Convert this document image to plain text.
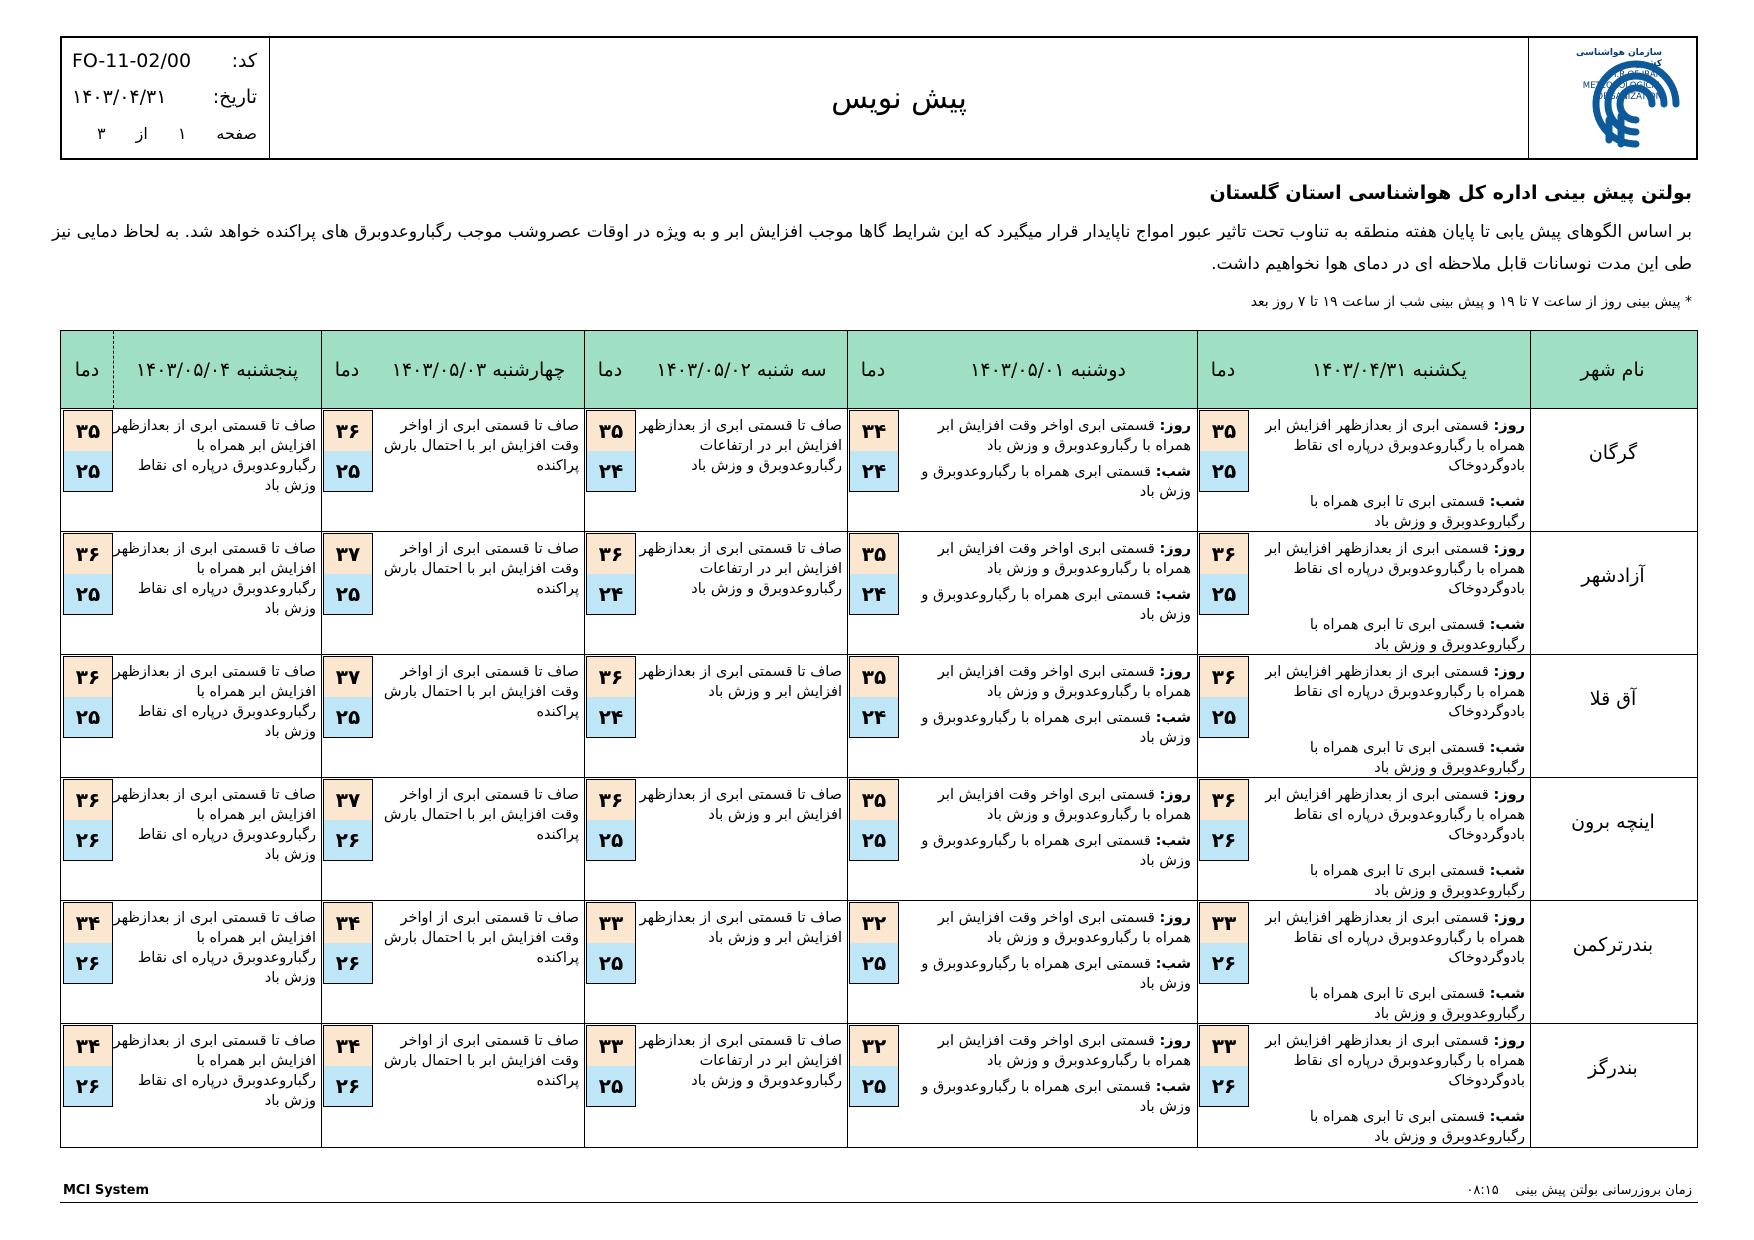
کد:
FO-11-02/00
تاریخ:
۱۴۰۳/۰۴/۳۱
صفحه
۱
از
۳
پیش نویس
سازمان هواشناسی کشور
I.R.OF IRAN
METEOROLOGICAL
ORGANIZATION
بولتن پیش بینی اداره کل هواشناسی استان گلستان
بر اساس الگوهای پیش یابی تا پایان هفته منطقه به تناوب تحت تاثیر عبور امواج ناپایدار قرار میگیرد که این شرایط گاها موجب افزایش ابر و به ویژه در اوقات عصروشب موجب رگباروعدوبرق های پراکنده خواهد شد. به لحاظ دمایی نیز طی این مدت نوسانات قابل ملاحظه ای در دمای هوا نخواهیم داشت.
* پیش بینی روز از ساعت ۷ تا ۱۹ و پیش بینی شب از ساعت ۱۹ تا ۷ روز بعد
نام شهر
یکشنبه ۱۴۰۳/۰۴/۳۱
دما
دوشنبه ۱۴۰۳/۰۵/۰۱
دما
سه شنبه ۱۴۰۳/۰۵/۰۲
دما
چهارشنبه ۱۴۰۳/۰۵/۰۳
دما
پنجشنبه ۱۴۰۳/۰۵/۰۴
دما
گرگان
روز: قسمتی ابری از بعدازظهر افزایش ابر همراه با رگباروعدوبرق درپاره ای نقاط بادوگردوخاک
شب: قسمتی ابری تا ابری همراه با رگباروعدوبرق و وزش باد
روز: قسمتی ابری اواخر وقت افزایش ابر همراه با رگباروعدوبرق و وزش باد
شب: قسمتی ابری همراه با رگباروعدوبرق و وزش باد
صاف تا قسمتی ابری از بعدازظهر افزایش ابر در ارتفاعات رگباروعدوبرق و وزش باد
صاف تا قسمتی ابری از اواخر وقت افزایش ابر با احتمال بارش پراکنده
صاف تا قسمتی ابری از بعدازظهر افزایش ابر همراه با رگباروعدوبرق درپاره ای نقاط وزش باد
۳۵
۲۵
۳۴
۲۴
۳۵
۲۴
۳۶
۲۵
۳۵
۲۵
آزادشهر
روز: قسمتی ابری از بعدازظهر افزایش ابر همراه با رگباروعدوبرق درپاره ای نقاط بادوگردوخاک
شب: قسمتی ابری تا ابری همراه با رگباروعدوبرق و وزش باد
روز: قسمتی ابری اواخر وقت افزایش ابر همراه با رگباروعدوبرق و وزش باد
شب: قسمتی ابری همراه با رگباروعدوبرق و وزش باد
صاف تا قسمتی ابری از بعدازظهر افزایش ابر در ارتفاعات رگباروعدوبرق و وزش باد
صاف تا قسمتی ابری از اواخر وقت افزایش ابر با احتمال بارش پراکنده
صاف تا قسمتی ابری از بعدازظهر افزایش ابر همراه با رگباروعدوبرق درپاره ای نقاط وزش باد
۳۶
۲۵
۳۵
۲۴
۳۶
۲۴
۳۷
۲۵
۳۶
۲۵
آق قلا
روز: قسمتی ابری از بعدازظهر افزایش ابر همراه با رگباروعدوبرق درپاره ای نقاط بادوگردوخاک
شب: قسمتی ابری تا ابری همراه با رگباروعدوبرق و وزش باد
روز: قسمتی ابری اواخر وقت افزایش ابر همراه با رگباروعدوبرق و وزش باد
شب: قسمتی ابری همراه با رگباروعدوبرق و وزش باد
صاف تا قسمتی ابری از بعدازظهر افزایش ابر و وزش باد
صاف تا قسمتی ابری از اواخر وقت افزایش ابر با احتمال بارش پراکنده
صاف تا قسمتی ابری از بعدازظهر افزایش ابر همراه با رگباروعدوبرق درپاره ای نقاط وزش باد
۳۶
۲۵
۳۵
۲۴
۳۶
۲۴
۳۷
۲۵
۳۶
۲۵
اینچه برون
روز: قسمتی ابری از بعدازظهر افزایش ابر همراه با رگباروعدوبرق درپاره ای نقاط بادوگردوخاک
شب: قسمتی ابری تا ابری همراه با رگباروعدوبرق و وزش باد
روز: قسمتی ابری اواخر وقت افزایش ابر همراه با رگباروعدوبرق و وزش باد
شب: قسمتی ابری همراه با رگباروعدوبرق و وزش باد
صاف تا قسمتی ابری از بعدازظهر افزایش ابر و وزش باد
صاف تا قسمتی ابری از اواخر وقت افزایش ابر با احتمال بارش پراکنده
صاف تا قسمتی ابری از بعدازظهر افزایش ابر همراه با رگباروعدوبرق درپاره ای نقاط وزش باد
۳۶
۲۶
۳۵
۲۵
۳۶
۲۵
۳۷
۲۶
۳۶
۲۶
بندرترکمن
روز: قسمتی ابری از بعدازظهر افزایش ابر همراه با رگباروعدوبرق درپاره ای نقاط بادوگردوخاک
شب: قسمتی ابری تا ابری همراه با رگباروعدوبرق و وزش باد
روز: قسمتی ابری اواخر وقت افزایش ابر همراه با رگباروعدوبرق و وزش باد
شب: قسمتی ابری همراه با رگباروعدوبرق و وزش باد
صاف تا قسمتی ابری از بعدازظهر افزایش ابر و وزش باد
صاف تا قسمتی ابری از اواخر وقت افزایش ابر با احتمال بارش پراکنده
صاف تا قسمتی ابری از بعدازظهر افزایش ابر همراه با رگباروعدوبرق درپاره ای نقاط وزش باد
۳۳
۲۶
۳۲
۲۵
۳۳
۲۵
۳۴
۲۶
۳۴
۲۶
بندرگز
روز: قسمتی ابری از بعدازظهر افزایش ابر همراه با رگباروعدوبرق درپاره ای نقاط بادوگردوخاک
شب: قسمتی ابری تا ابری همراه با رگباروعدوبرق و وزش باد
روز: قسمتی ابری اواخر وقت افزایش ابر همراه با رگباروعدوبرق و وزش باد
شب: قسمتی ابری همراه با رگباروعدوبرق و وزش باد
صاف تا قسمتی ابری از بعدازظهر افزایش ابر در ارتفاعات رگباروعدوبرق و وزش باد
صاف تا قسمتی ابری از اواخر وقت افزایش ابر با احتمال بارش پراکنده
صاف تا قسمتی ابری از بعدازظهر افزایش ابر همراه با رگباروعدوبرق درپاره ای نقاط وزش باد
۳۳
۲۶
۳۲
۲۵
۳۳
۲۵
۳۴
۲۶
۳۴
۲۶
MCI System	زمان بروزرسانی بولتن پیش بینی    ۰۸:۱۵
